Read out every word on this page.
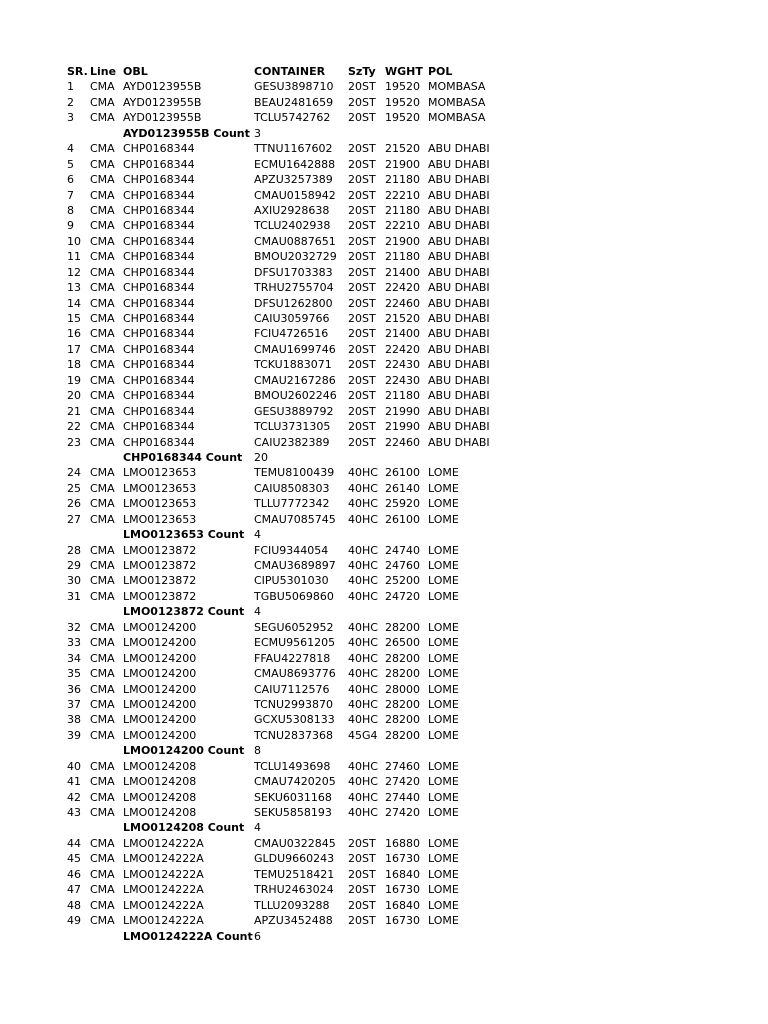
SR. Line OBL	CONTAINER SzTy WGHT POL
1 CMA AYD0123955B	GESU3898710 20ST 19520 MOMBASA
2 CMA AYD0123955B	BEAU2481659 20ST 19520 MOMBASA
3 CMA AYD0123955B	TCLU5742762 20ST 19520 MOMBASA
AYD0123955B Count 3
4 CMA CHP0168344	TTNU1167602 20ST 21520 ABU DHABI
5 CMA CHP0168344	ECMU1642888 20ST 21900 ABU DHABI
6 CMA CHP0168344	APZU3257389 20ST 21180 ABU DHABI
7 CMA CHP0168344	CMAU0158942 20ST 22210 ABU DHABI
8 CMA CHP0168344	AXIU2928638 20ST 21180 ABU DHABI
9 CMA CHP0168344	TCLU2402938 20ST 22210 ABU DHABI
10 CMA CHP0168344	CMAU0887651 20ST 21900 ABU DHABI
11 CMA CHP0168344	BMOU2032729 20ST 21180 ABU DHABI
12 CMA CHP0168344	DFSU1703383 20ST 21400 ABU DHABI
13 CMA CHP0168344	TRHU2755704 20ST 22420 ABU DHABI
14 CMA CHP0168344	DFSU1262800 20ST 22460 ABU DHABI
15 CMA CHP0168344	CAIU3059766 20ST 21520 ABU DHABI
16 CMA CHP0168344	FCIU4726516 20ST 21400 ABU DHABI
17 CMA CHP0168344	CMAU1699746 20ST 22420 ABU DHABI
18 CMA CHP0168344	TCKU1883071 20ST 22430 ABU DHABI
19 CMA CHP0168344	CMAU2167286 20ST 22430 ABU DHABI
20 CMA CHP0168344	BMOU2602246 20ST 21180 ABU DHABI
21 CMA CHP0168344	GESU3889792 20ST 21990 ABU DHABI
22 CMA CHP0168344	TCLU3731305 20ST 21990 ABU DHABI
23 CMA CHP0168344	CAIU2382389 20ST 22460 ABU DHABI
CHP0168344 Count 20
24 CMA LMO0123653	TEMU8100439 40HC 26100 LOME
25 CMA LMO0123653	CAIU8508303 40HC 26140 LOME
26 CMA LMO0123653	TLLU7772342 40HC 25920 LOME
27 CMA LMO0123653	CMAU7085745 40HC 26100 LOME
LMO0123653 Count 4
28 CMA LMO0123872	FCIU9344054 40HC 24740 LOME
29 CMA LMO0123872	CMAU3689897 40HC 24760 LOME
30 CMA LMO0123872	CIPU5301030 40HC 25200 LOME
31 CMA LMO0123872	TGBU5069860 40HC 24720 LOME
LMO0123872 Count 4
32 CMA LMO0124200	SEGU6052952 40HC 28200 LOME
33 CMA LMO0124200	ECMU9561205 40HC 26500 LOME
34 CMA LMO0124200	FFAU4227818 40HC 28200 LOME
35 CMA LMO0124200	CMAU8693776 40HC 28200 LOME
36 CMA LMO0124200	CAIU7112576 40HC 28000 LOME
37 CMA LMO0124200	TCNU2993870 40HC 28200 LOME
38 CMA LMO0124200	GCXU5308133 40HC 28200 LOME
39 CMA LMO0124200	TCNU2837368 45G4 28200 LOME
LMO0124200 Count 8
40 CMA LMO0124208	TCLU1493698 40HC 27460 LOME
41 CMA LMO0124208	CMAU7420205 40HC 27420 LOME
42 CMA LMO0124208	SEKU6031168 40HC 27440 LOME
43 CMA LMO0124208	SEKU5858193 40HC 27420 LOME
LMO0124208 Count 4
44 CMA LMO0124222A	CMAU0322845 20ST 16880 LOME
45 CMA LMO0124222A	GLDU9660243 20ST 16730 LOME
46 CMA LMO0124222A	TEMU2518421 20ST 16840 LOME
47 CMA LMO0124222A	TRHU2463024 20ST 16730 LOME
48 CMA LMO0124222A	TLLU2093288 20ST 16840 LOME
49 CMA LMO0124222A	APZU3452488 20ST 16730 LOME
LMO0124222A Count 6
